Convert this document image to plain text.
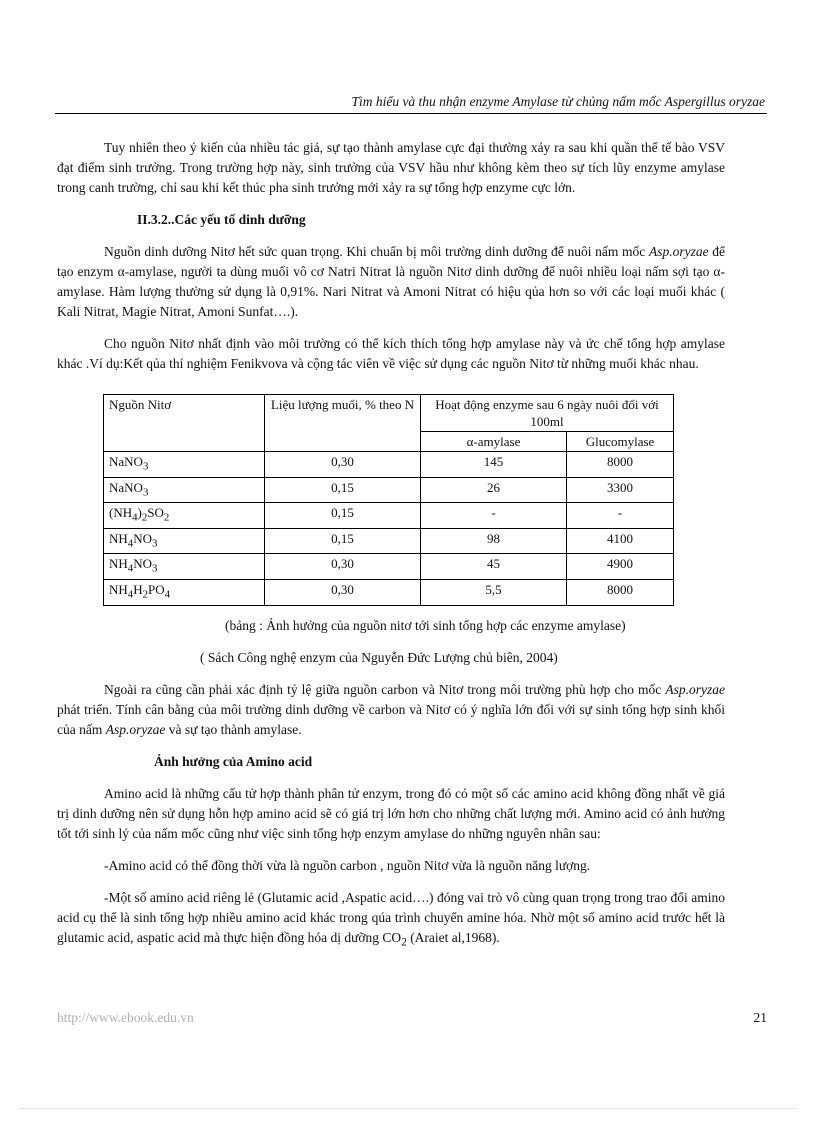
Tìm hiểu và thu nhận enzyme Amylase từ chủng nấm mốc Aspergillus oryzae

Tuy nhiên theo ý kiến của nhiều tác giả, sự tạo thành amylase cực đại thường xảy ra sau khi quần thể tế bào VSV đạt điểm sinh trưởng. Trong trường hợp này, sinh trưởng của VSV hầu như không kèm theo sự tích lũy enzyme amylase trong canh trường, chỉ sau khi kết thúc pha sinh trưởng mới xảy ra sự tổng hợp enzyme cực lớn.

II.3.2..Các yếu tố dinh dưỡng

Nguồn dinh dưỡng Nitơ hết sức quan trọng. Khi chuẩn bị môi trường dinh dưỡng để nuôi nấm mốc Asp.oryzae để tạo enzym α-amylase, người ta dùng muối vô cơ Natri Nitrat là nguồn Nitơ dinh dưỡng để nuôi nhiều loại nấm sợi tạo α-amylase. Hàm lượng thường sử dụng là 0,91%. Nari Nitrat và Amoni Nitrat có hiệu qủa hơn so với các loại muối khác ( Kali Nitrat, Magie Nitrat, Amoni Sunfat….).

Cho nguồn Nitơ nhất định vào môi trường có thể kích thích tổng hợp amylase này và ức chế tổng hợp amylase khác .Ví dụ:Kết qủa thí nghiệm Fenikvova và cộng tác viên về việc sử dụng các nguồn Nitơ từ những muối khác nhau.

Nguồn Nitơ	Liệu lượng muối, % theo N	Hoạt động enzyme sau 6 ngày nuôi đối với 100ml	
		α-amylase	Glucomylase
NaNO$_3$	0,30	145	8000
NaNO$_3$	0,15	26	3300
$(NH_4)_2SO_2$	0,15	-	-
$NH_4NO_3$	0,15	98	4100
$NH_4NO_3$	0,30	45	4900
$NH_4H_2PO_4$	0,30	5,5	8000

(bảng : Ảnh hưởng của nguồn nitơ tới sinh tổng hợp các enzyme amylase)

( Sách Công nghệ enzym của Nguyễn Đức Lượng chủ biên, 2004)

Ngoài ra cũng cần phải xác định tỷ lệ giữa nguồn carbon và Nitơ trong môi trường phù hợp cho mốc Asp.oryzae phát triển. Tính cân bằng của môi trường dinh dưỡng về carbon và Nitơ có ý nghĩa lớn đối với sự sinh tổng hợp sinh khối của nấm Asp.oryzae và sự tạo thành amylase.

Ảnh hưởng của Amino acid

Amino acid là những cấu tử hợp thành phân tử enzym, trong đó có một số các amino acid không đồng nhất về giá trị dinh dưỡng nên sử dụng hỗn hợp amino acid sẽ có giá trị lớn hơn cho những chất lượng mới. Amino acid có ảnh hưởng tốt tới sinh lý của nấm mốc cũng như việc sinh tổng hợp enzym amylase do những nguyên nhân sau:

-Amino acid có thể đồng thời vừa là nguồn carbon , nguồn Nitơ vừa là nguồn năng lượng.

-Một số amino acid riêng lẻ (Glutamic acid ,Aspatic acid….) đóng vai trò vô cùng quan trọng trong trao đổi amino acid cụ thể là sinh tổng hợp nhiều amino acid khác trong qúa trình chuyển amine hóa. Nhờ một số amino acid trước hết là glutamic acid, aspatic acid mà thực hiện đồng hóa dị dưỡng $CO_2$ (Araiet al,1968).

http://www.ebook.edu.vn	21
